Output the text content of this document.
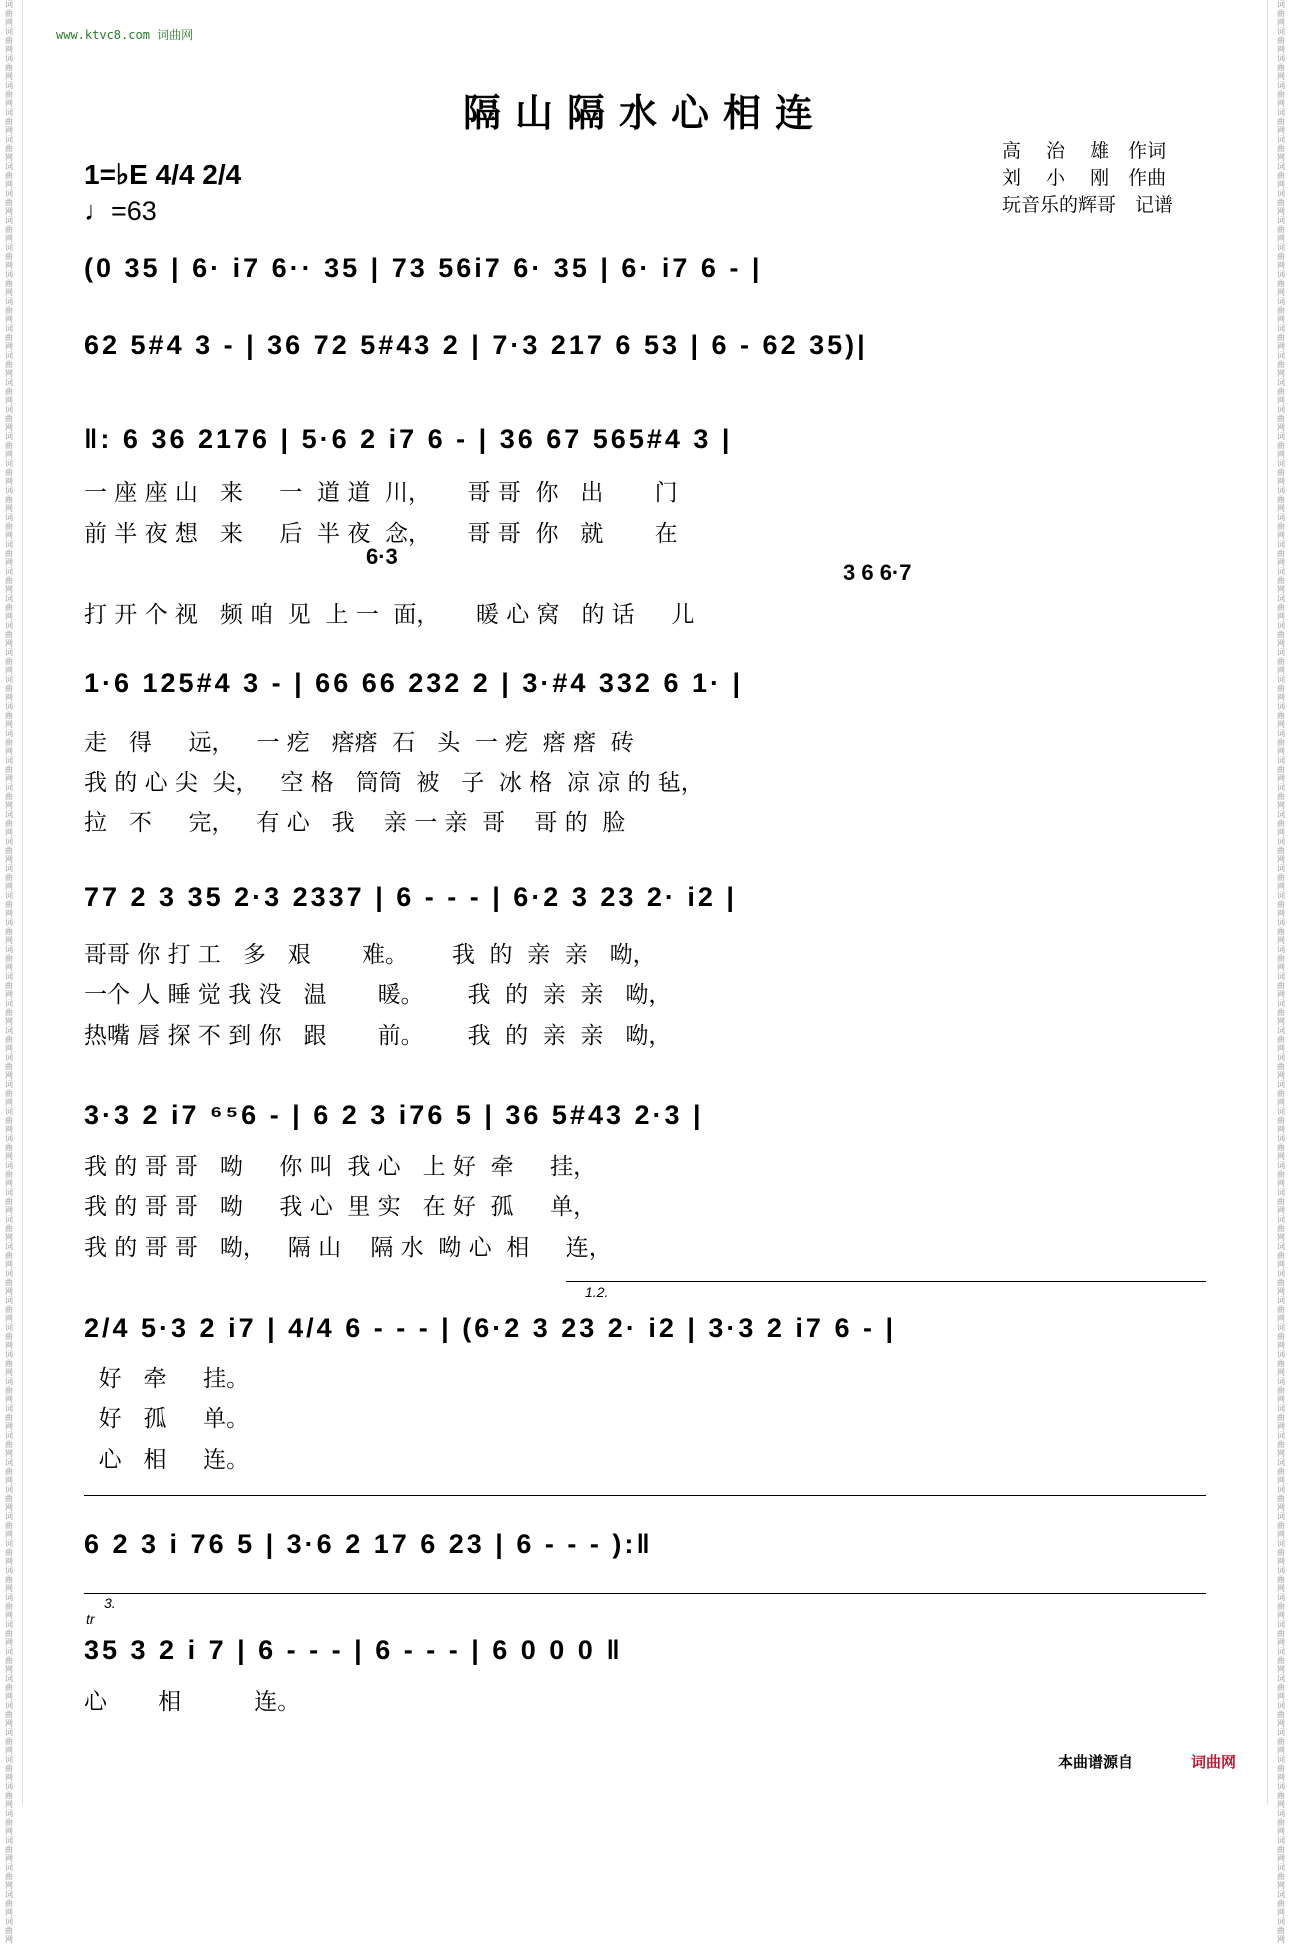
词曲网 词曲网 词曲网 词曲网 词曲网 词曲网 词曲网 词曲网 词曲网 词曲网 词曲网 词曲网 词曲网 词曲网 词曲网 词曲网 词曲网 词曲网 词曲网 词曲网 词曲网 词曲网 词曲网 词曲网 词曲网 词曲网 词曲网 词曲网 词曲网 词曲网 词曲网 词曲网 词曲网 词曲网 词曲网 词曲网 词曲网 词曲网 词曲网 词曲网 词曲网 词曲网 词曲网 词曲网 词曲网 词曲网 词曲网 词曲网 词曲网 词曲网 词曲网 词曲网 词曲网 词曲网 词曲网 词曲网 词曲网 词曲网 词曲网 词曲网 词曲网 词曲网 词曲网 词曲网 词曲网 词曲网 词曲网 词曲网 词曲网 词曲网 词曲网 词曲网
词曲网 词曲网 词曲网 词曲网 词曲网 词曲网 词曲网 词曲网 词曲网 词曲网 词曲网 词曲网 词曲网 词曲网 词曲网 词曲网 词曲网 词曲网 词曲网 词曲网 词曲网 词曲网 词曲网 词曲网 词曲网 词曲网 词曲网 词曲网 词曲网 词曲网 词曲网 词曲网 词曲网 词曲网 词曲网 词曲网 词曲网 词曲网 词曲网 词曲网 词曲网 词曲网 词曲网 词曲网 词曲网 词曲网 词曲网 词曲网 词曲网 词曲网 词曲网 词曲网 词曲网 词曲网 词曲网 词曲网 词曲网 词曲网 词曲网 词曲网 词曲网 词曲网 词曲网 词曲网 词曲网 词曲网 词曲网 词曲网 词曲网 词曲网 词曲网 词曲网
www.ktvc8.com 词曲网
隔山隔水心相连
高　 治　 雄　作词
刘　 小　 刚　作曲
玩音乐的辉哥　记谱
1=♭E 4/4 2/4
♩=63
(0 35 | 6· i7 6·· 35 | 73 56i7 6· 35 | 6· i7 6 - |
62 5#4 3 - | 36 72 5#43 2 | 7·3 217 6 53 | 6 - 62 35)|
‖: 6 36 2176 | 5·6 2 i7 6 - | 36 67 565#4 3 |
一 座 座 山   来     一  道 道  川，     哥 哥  你   出       门
前 半 夜 想   来     后  半 夜  念，     哥 哥  你   就       在
6·3
3 6 6·7
打 开 个 视   频 咱  见  上 一  面，     暖 心 窝   的 话     儿
1·6 125#4 3 - | 66 66 232 2 | 3·#4 332 6 1· |
走   得     远，   一 疙   瘩瘩  石   头  一 疙  瘩 瘩  砖
我 的 心 尖  尖，   空 格   筒筒  被   子  冰 格  凉 凉 的 毡，
拉   不     完，   有 心   我    亲 一 亲  哥    哥 的  脸
77 2 3 35 2·3 2337 | 6 - - - | 6·2 3 23 2· i2 |
哥哥 你 打 工   多   艰       难。      我  的  亲  亲   呦，
一个 人 睡 觉 我 没   温       暖。      我  的  亲  亲   呦，
热嘴 唇 探 不 到 你   跟       前。      我  的  亲  亲   呦，
3·3 2 i7 ⁶⁵6 - | 6 2 3 i76 5 | 36 5#43 2·3 |
我 的 哥 哥   呦     你 叫  我 心   上 好  牵     挂，
我 的 哥 哥   呦     我 心  里 实   在 好  孤     单，
我 的 哥 哥   呦，   隔 山    隔 水  呦 心  相     连，
1.2.
2/4 5·3 2 i7 | 4/4 6 - - - | (6·2 3 23 2· i2 | 3·3 2 i7 6 - |
好   牵     挂。
好   孤     单。
心   相     连。
6 2 3 i 76 5 | 3·6 2 17 6 23 | 6 - - - ):‖
3.
tr
35 3 2 i 7 | 6 - - - | 6 - - - | 6 0 0 0 ‖
心       相          连。
本曲谱源自	词曲网
